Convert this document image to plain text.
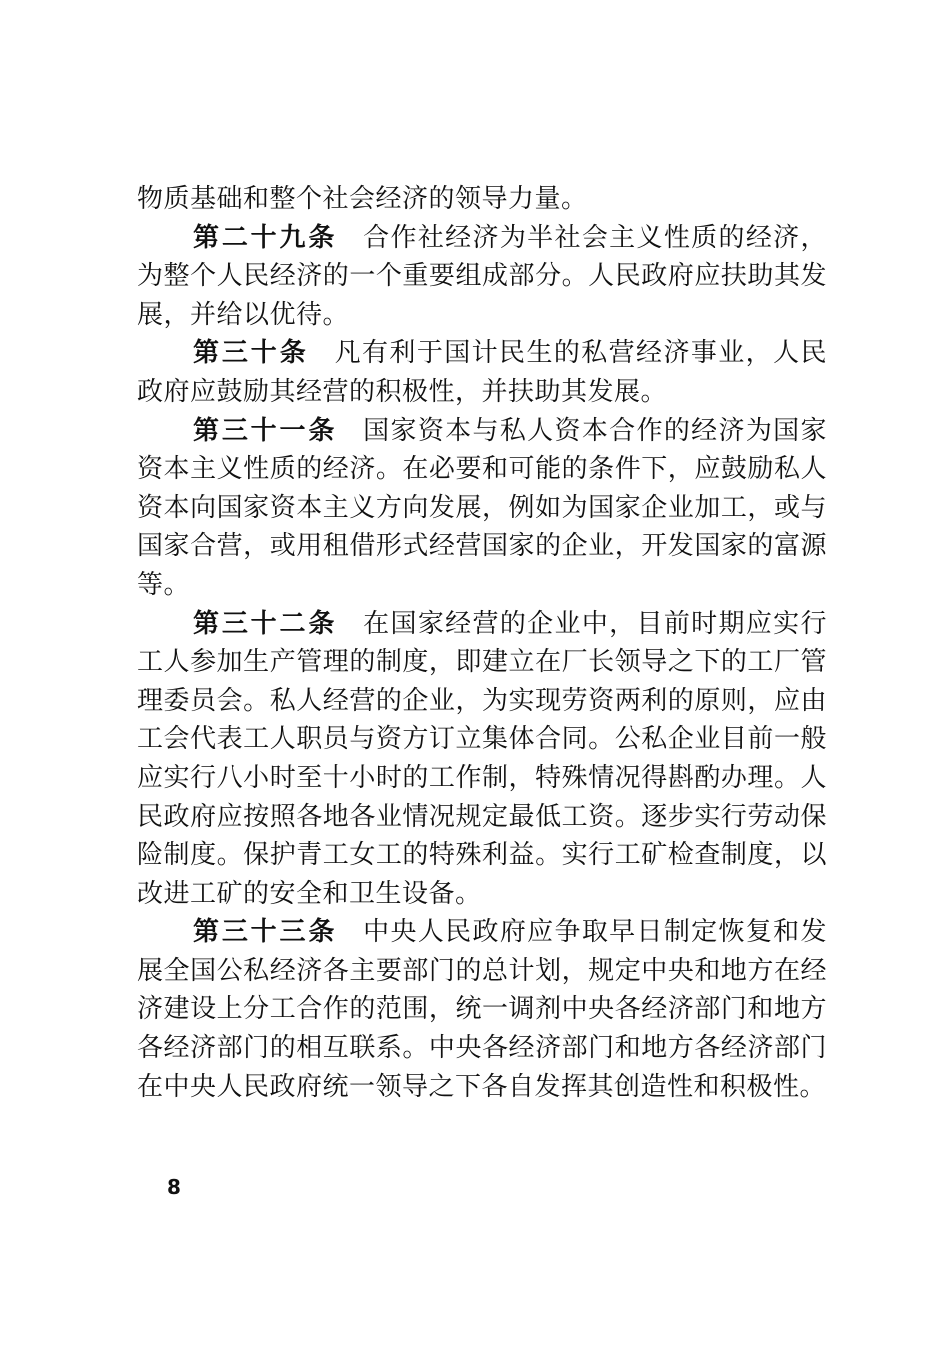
物质基础和整个社会经济的领导力量。

第二十九条 合作社经济为半社会主义性质的经济，为整个人民经济的一个重要组成部分。人民政府应扶助其发展，并给以优待。

第三十条 凡有利于国计民生的私营经济事业，人民政府应鼓励其经营的积极性，并扶助其发展。

第三十一条 国家资本与私人资本合作的经济为国家资本主义性质的经济。在必要和可能的条件下，应鼓励私人资本向国家资本主义方向发展，例如为国家企业加工，或与国家合营，或用租借形式经营国家的企业，开发国家的富源等。

第三十二条 在国家经营的企业中，目前时期应实行工人参加生产管理的制度，即建立在厂长领导之下的工厂管理委员会。私人经营的企业，为实现劳资两利的原则，应由工会代表工人职员与资方订立集体合同。公私企业目前一般应实行八小时至十小时的工作制，特殊情况得斟酌办理。人民政府应按照各地各业情况规定最低工资。逐步实行劳动保险制度。保护青工女工的特殊利益。实行工矿检查制度，以改进工矿的安全和卫生设备。

第三十三条 中央人民政府应争取早日制定恢复和发展全国公私经济各主要部门的总计划，规定中央和地方在经济建设上分工合作的范围，统一调剂中央各经济部门和地方各经济部门的相互联系。中央各经济部门和地方各经济部门在中央人民政府统一领导之下各自发挥其创造性和积极性。

8
